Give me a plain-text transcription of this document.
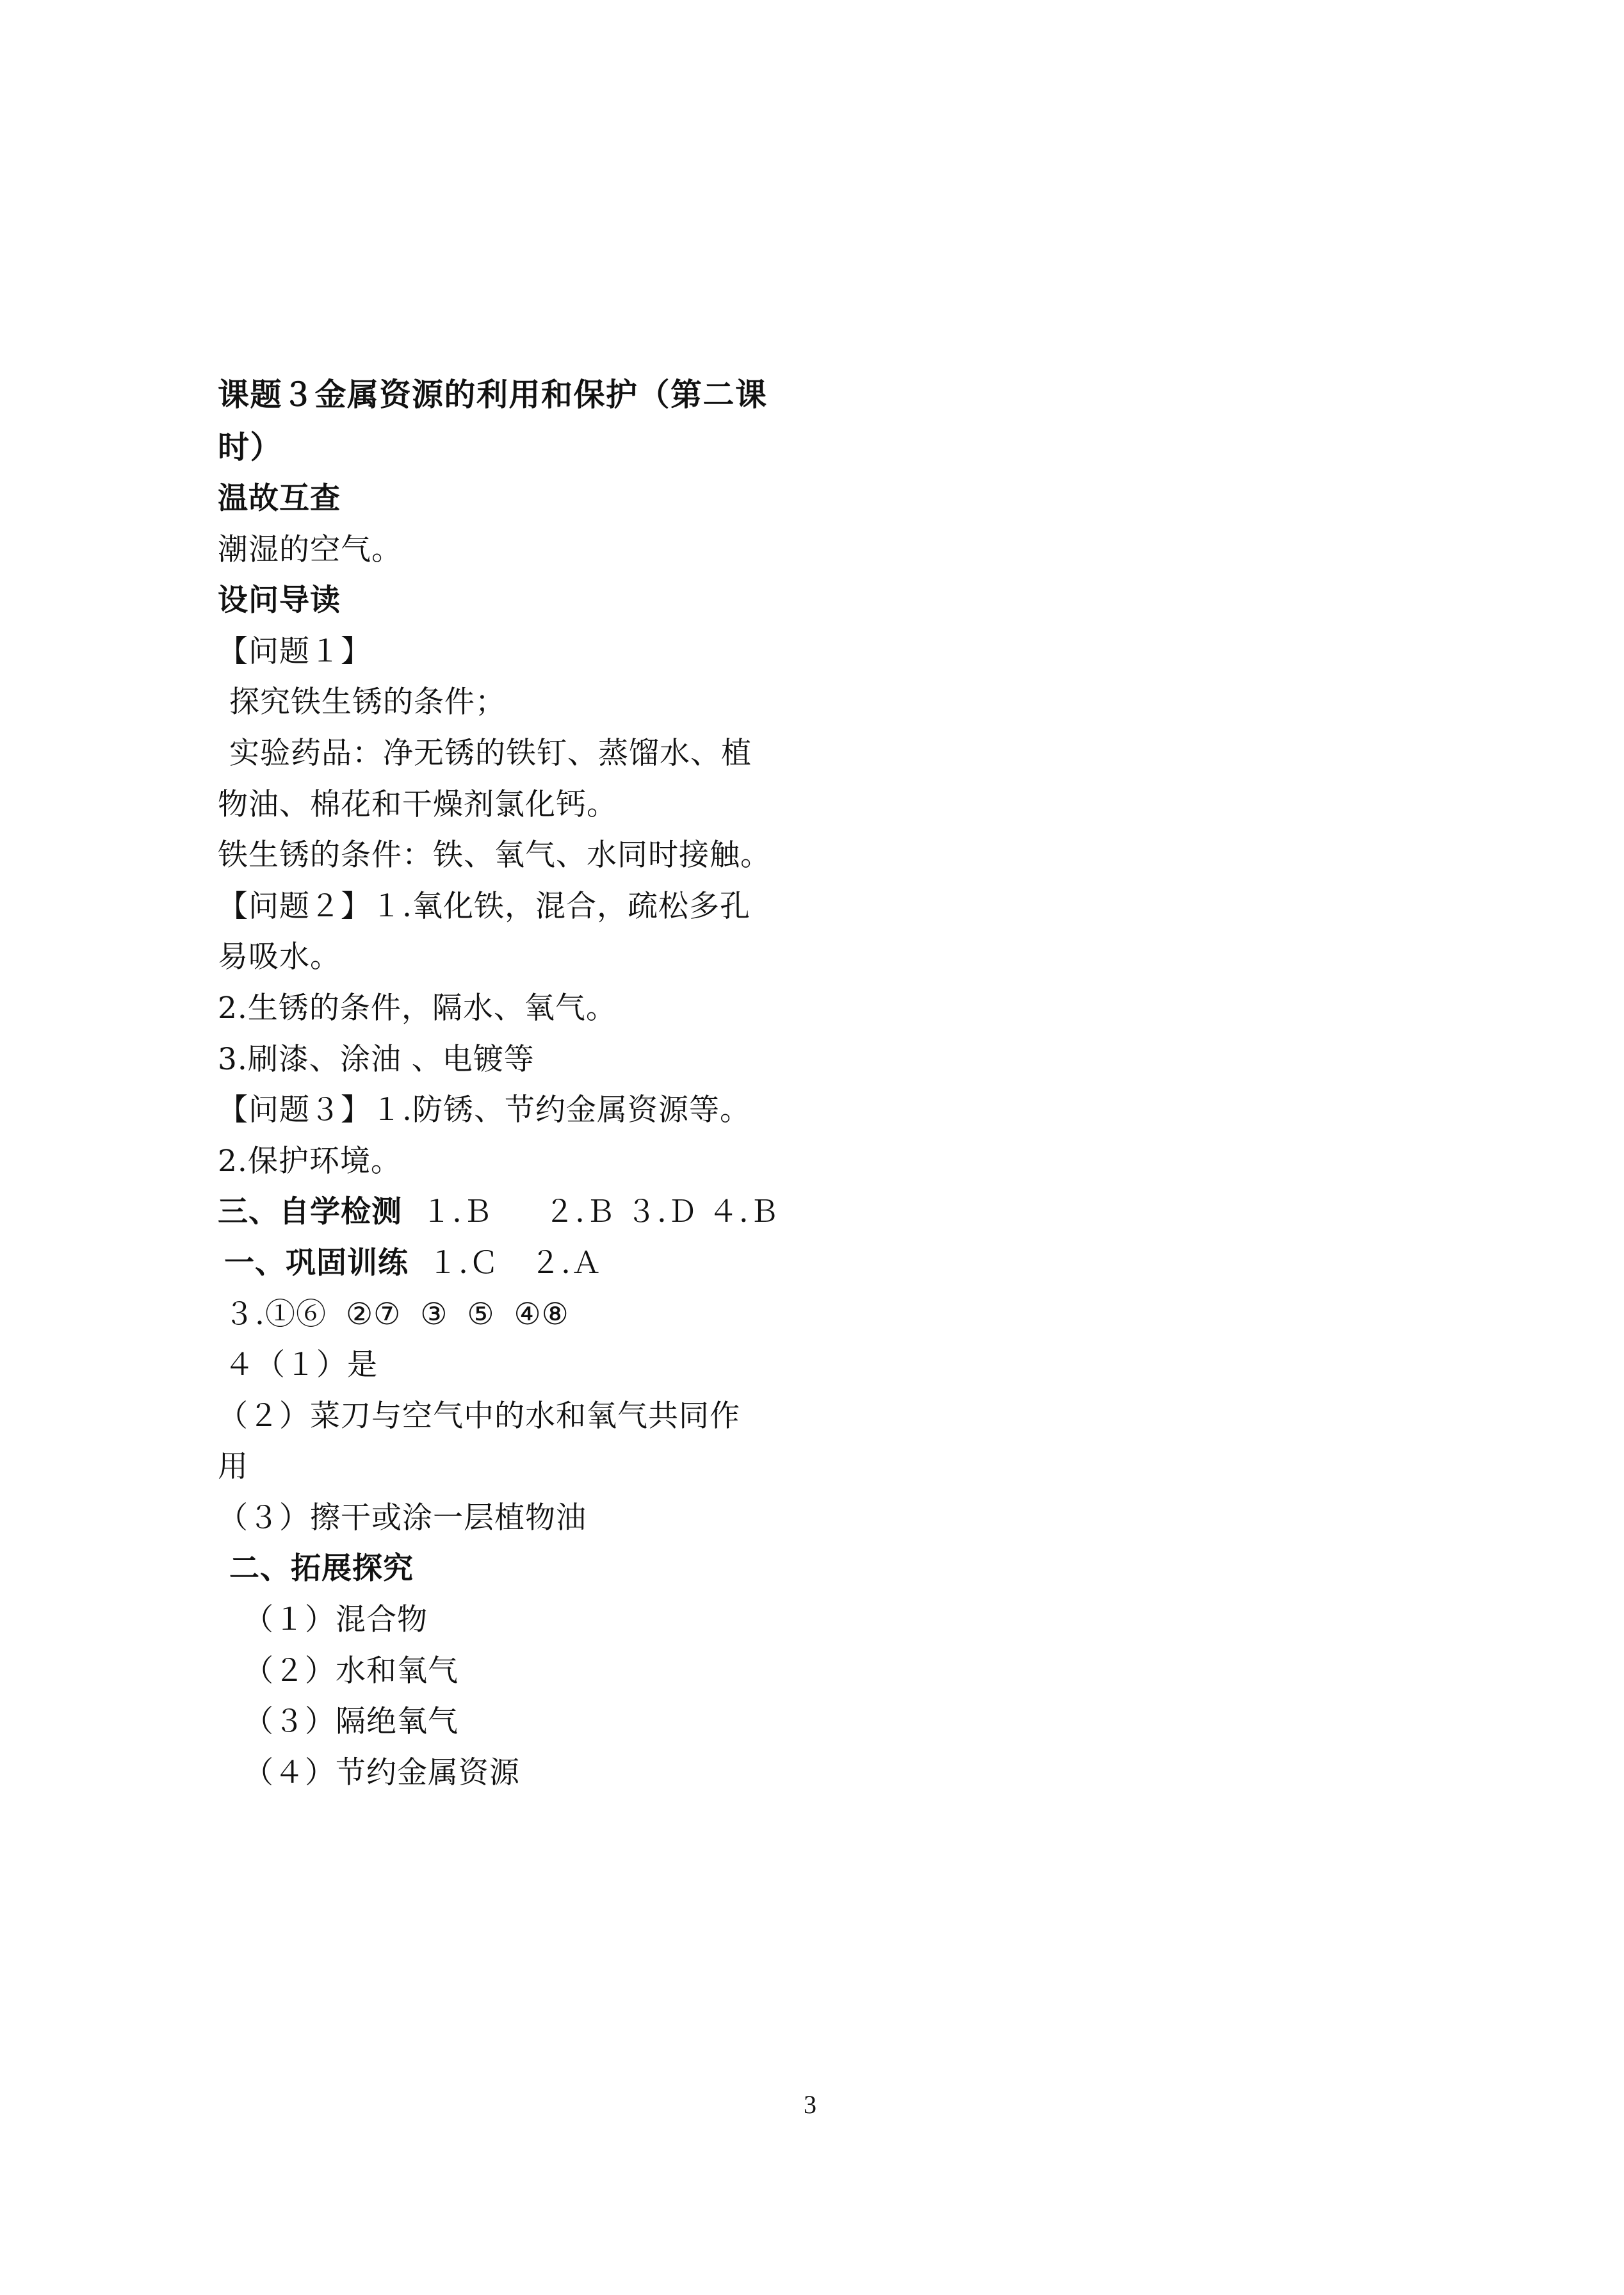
课题３金属资源的利用和保护（第二课
时）
温故互查
潮湿的空气。
设问导读
【问题１】
探究铁生锈的条件；
实验药品：净无锈的铁钉、蒸馏水、植
物油、棉花和干燥剂氯化钙。
铁生锈的条件：铁、氧气、水同时接触。
【问题２】１.氧化铁，混合，疏松多孔
易吸水。
2.生锈的条件，隔水、氧气。
3.刷漆、涂油 、电镀等
【问题３】１.防锈、节约金属资源等。
2.保护环境。
三、自学检测 １.Ｂ ２.Ｂ ３.Ｄ ４.Ｂ
一、巩固训练 １.Ｃ　２.Ａ
３.①⑥ ②⑦ ③ ⑤ ④⑧
４（１）是
（２）菜刀与空气中的水和氧气共同作
用
（３）擦干或涂一层植物油
二、拓展探究
（１）混合物
（２）水和氧气
（３）隔绝氧气
（４）节约金属资源
3
